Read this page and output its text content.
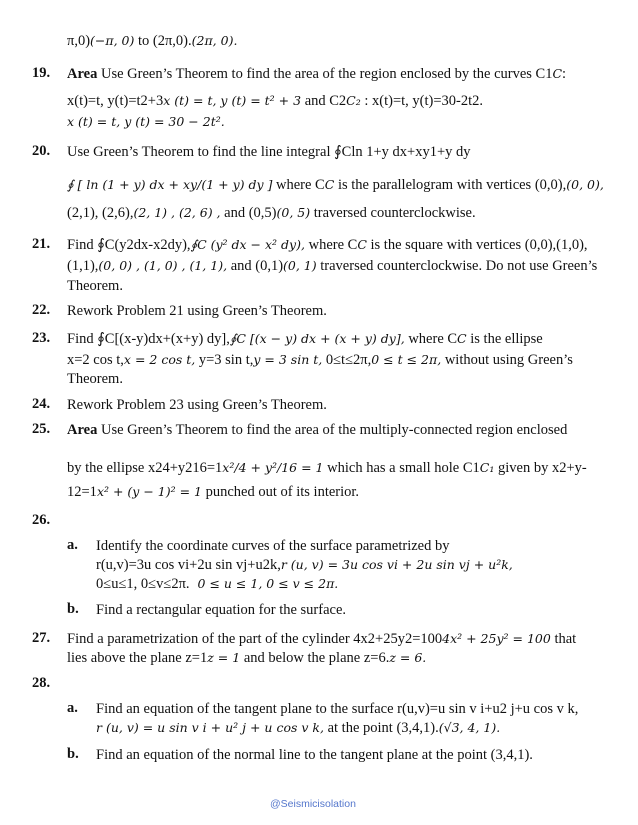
π,0)(−π, 0) to (2π,0).(2π, 0).
19. Area Use Green’s Theorem to find the area of the region enclosed by the curves C1C:
x(t)=t, y(t)=t2+3x (t) = t, y (t) = t² + 3 and C2C₂ : x(t)=t, y(t)=30-2t2.
x (t) = t, y (t) = 30 − 2t².
20. Use Green’s Theorem to find the line integral ∮Cln 1+y dx+xy1+y dy
∮ [ ln (1 + y) dx + xy/(1 + y) dy ] where CC is the parallelogram with vertices (0,0),(0, 0),
(2,1), (2,6),(2, 1) , (2, 6) , and (0,5)(0, 5) traversed counterclockwise.
21. Find ∮C(y2dx-x2dy),∮C (y² dx − x² dy), where CC is the square with vertices (0,0),(1,0),
(1,1),(0, 0) , (1, 0) , (1, 1), and (0,1)(0, 1) traversed counterclockwise. Do not use Green’s
Theorem.
22. Rework Problem 21 using Green’s Theorem.
23. Find ∮C[(x-y)dx+(x+y) dy],∮C [(x − y) dx + (x + y) dy], where CC is the ellipse
x=2 cos t,x = 2 cos t, y=3 sin t,y = 3 sin t, 0≤t≤2π,0 ≤ t ≤ 2π, without using Green’s
Theorem.
24. Rework Problem 23 using Green’s Theorem.
25. Area Use Green’s Theorem to find the area of the multiply-connected region enclosed
by the ellipse x24+y216=1x²/4 + y²/16 = 1 which has a small hole C1C₁ given by x2+y-
12=1x² + (y − 1)² = 1 punched out of its interior.
26.
a. Identify the coordinate curves of the surface parametrized by
r(u,v)=3u cos vi+2u sin vj+u2k,r (u, v) = 3u cos vi + 2u sin vj + u²k,
0≤u≤1, 0≤v≤2π. 0 ≤ u ≤ 1, 0 ≤ v ≤ 2π.
b. Find a rectangular equation for the surface.
27. Find a parametrization of the part of the cylinder 4x2+25y2=1004x² + 25y² = 100 that
lies above the plane z=1z = 1 and below the plane z=6.z = 6.
28.
a. Find an equation of the tangent plane to the surface r(u,v)=u sin v i+u2 j+u cos v k,
r (u, v) = u sin v i + u² j + u cos v k, at the point (3,4,1).(√3, 4, 1).
b. Find an equation of the normal line to the tangent plane at the point (3,4,1).
@Seismicisolation
